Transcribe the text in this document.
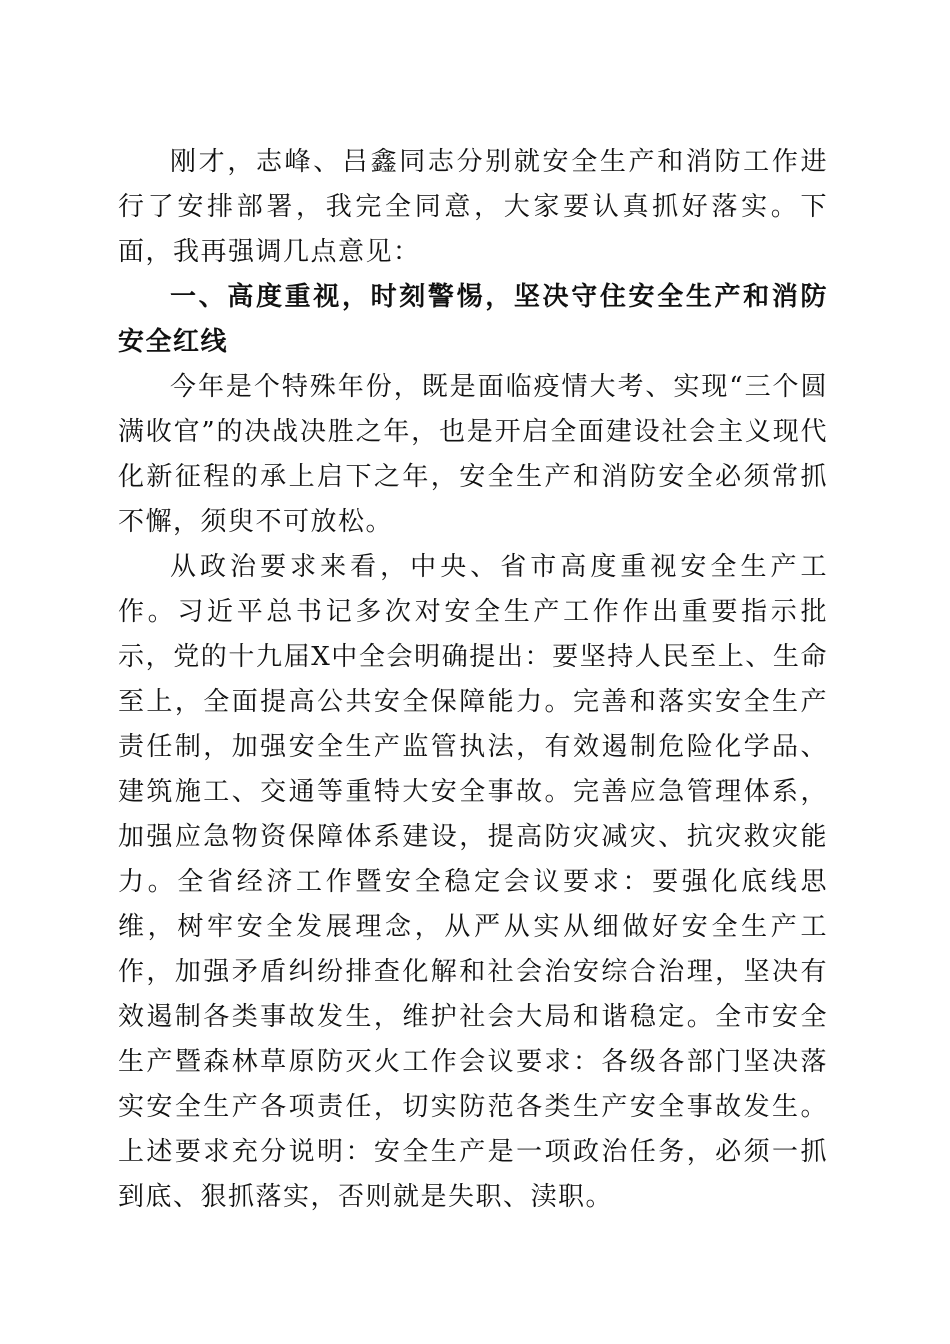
刚才，志峰、吕鑫同志分别就安全生产和消防工作进行了安排部署，我完全同意，大家要认真抓好落实。下面，我再强调几点意见：

一、高度重视，时刻警惕，坚决守住安全生产和消防安全红线

今年是个特殊年份，既是面临疫情大考、实现“三个圆满收官”的决战决胜之年，也是开启全面建设社会主义现代化新征程的承上启下之年，安全生产和消防安全必须常抓不懈，须臾不可放松。

从政治要求来看，中央、省市高度重视安全生产工作。习近平总书记多次对安全生产工作作出重要指示批示，党的十九届X中全会明确提出：要坚持人民至上、生命至上，全面提高公共安全保障能力。完善和落实安全生产责任制，加强安全生产监管执法，有效遏制危险化学品、建筑施工、交通等重特大安全事故。完善应急管理体系，加强应急物资保障体系建设，提高防灾减灾、抗灾救灾能力。全省经济工作暨安全稳定会议要求：要强化底线思维，树牢安全发展理念，从严从实从细做好安全生产工作，加强矛盾纠纷排查化解和社会治安综合治理，坚决有效遏制各类事故发生，维护社会大局和谐稳定。全市安全生产暨森林草原防灭火工作会议要求：各级各部门坚决落实安全生产各项责任，切实防范各类生产安全事故发生。上述要求充分说明：安全生产是一项政治任务，必须一抓到底、狠抓落实，否则就是失职、渎职。
